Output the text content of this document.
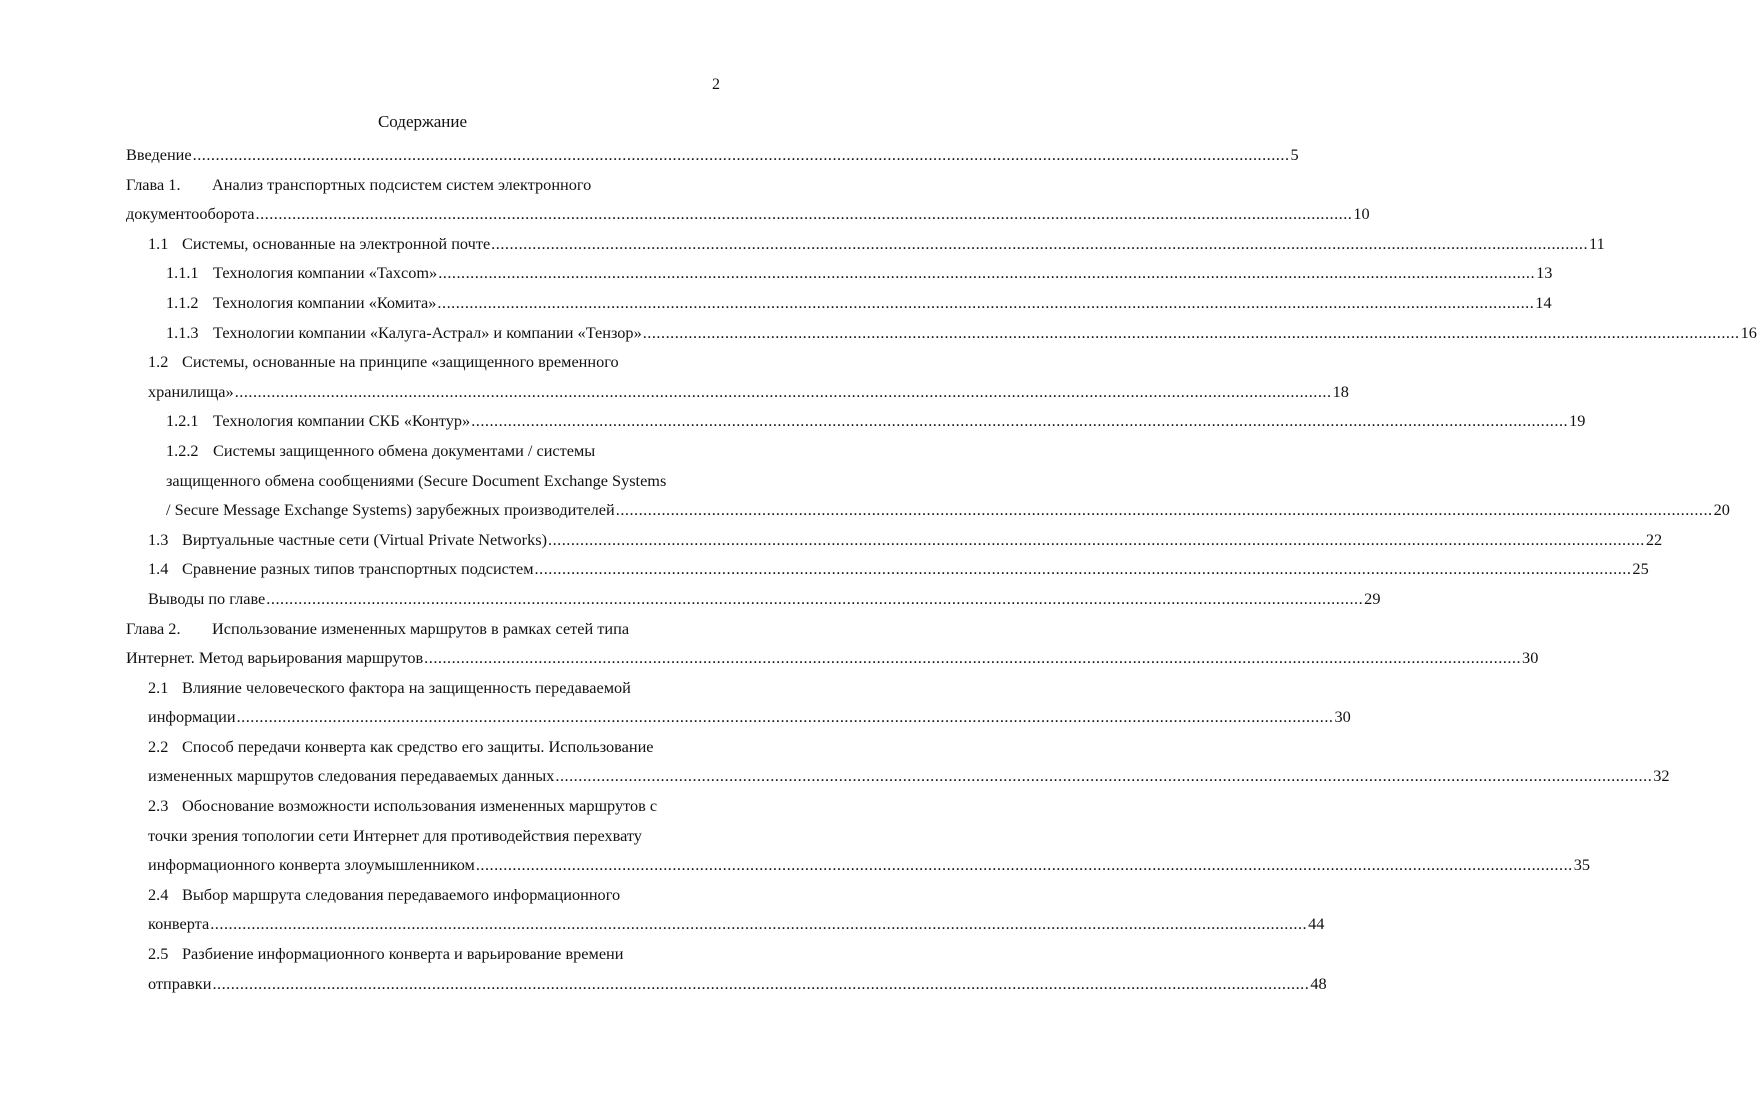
2
Содержание
Введение ................................................................................................................................................................................................................................................ 5
Глава 1. Анализ транспортных подсистем систем электронного
документооборота ................................................................................................................................................................................................................................................ 10
1.1 Системы, основанные на электронной почте ................................................................................................................................................................................................................................................ 11
1.1.1 Технология компании «Taxcom» ................................................................................................................................................................................................................................................ 13
1.1.2 Технология компании «Комита» ................................................................................................................................................................................................................................................ 14
1.1.3 Технологии компании «Калуга-Астрал» и компании «Тензор» ................................................................................................................................................................................................................................................ 16
1.2 Системы, основанные на принципе «защищенного временного
хранилища» ................................................................................................................................................................................................................................................ 18
1.2.1 Технология компании СКБ «Контур» ................................................................................................................................................................................................................................................ 19
1.2.2 Системы защищенного обмена документами / системы
защищенного обмена сообщениями (Secure Document Exchange Systems
/ Secure Message Exchange Systems) зарубежных производителей ................................................................................................................................................................................................................................................ 20
1.3 Виртуальные частные сети (Virtual Private Networks) ................................................................................................................................................................................................................................................ 22
1.4 Сравнение разных типов транспортных подсистем ................................................................................................................................................................................................................................................ 25
Выводы по главе ................................................................................................................................................................................................................................................ 29
Глава 2. Использование измененных маршрутов в рамках сетей типа
Интернет. Метод варьирования маршрутов ................................................................................................................................................................................................................................................ 30
2.1 Влияние человеческого фактора на защищенность передаваемой
информации ................................................................................................................................................................................................................................................ 30
2.2 Способ передачи конверта как средство его защиты. Использование
измененных маршрутов следования передаваемых данных ................................................................................................................................................................................................................................................ 32
2.3 Обоснование возможности использования измененных маршрутов с
точки зрения топологии сети Интернет для противодействия перехвату
информационного конверта злоумышленником ................................................................................................................................................................................................................................................ 35
2.4 Выбор маршрута следования передаваемого информационного
конверта ................................................................................................................................................................................................................................................ 44
2.5 Разбиение информационного конверта и варьирование времени
отправки ................................................................................................................................................................................................................................................ 48
